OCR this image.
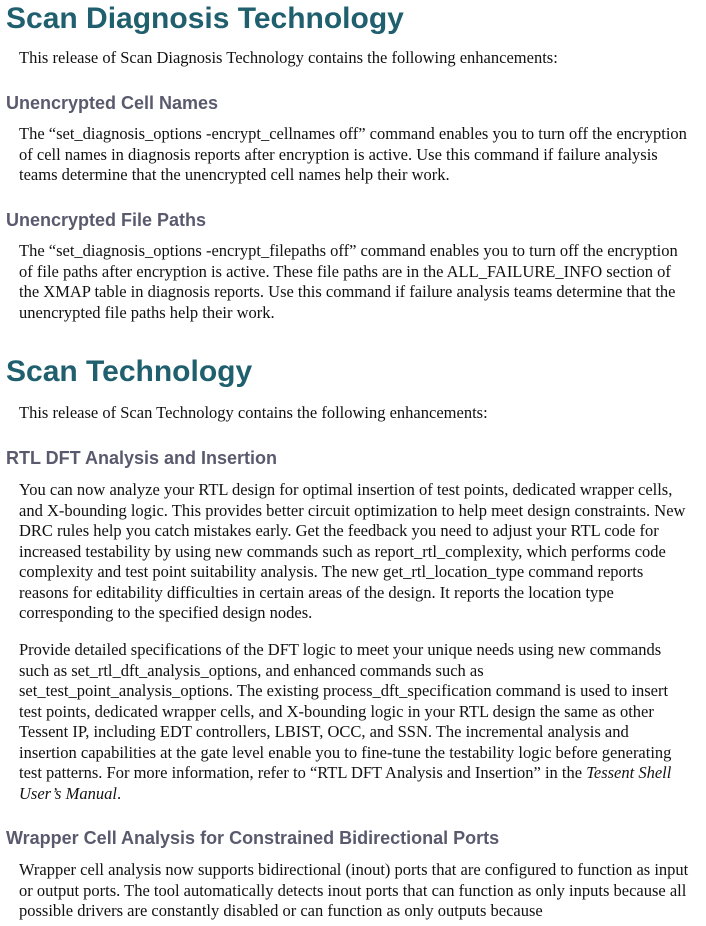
Scan Diagnosis Technology

This release of Scan Diagnosis Technology contains the following enhancements:

Unencrypted Cell Names

The “set_diagnosis_options -encrypt_cellnames off” command enables you to turn off the encryption of cell names in diagnosis reports after encryption is active. Use this command if failure analysis teams determine that the unencrypted cell names help their work.

Unencrypted File Paths

The “set_diagnosis_options -encrypt_filepaths off” command enables you to turn off the encryption of file paths after encryption is active. These file paths are in the ALL_FAILURE_INFO section of the XMAP table in diagnosis reports. Use this command if failure analysis teams determine that the unencrypted file paths help their work.

Scan Technology

This release of Scan Technology contains the following enhancements:

RTL DFT Analysis and Insertion

You can now analyze your RTL design for optimal insertion of test points, dedicated wrapper cells, and X-bounding logic. This provides better circuit optimization to help meet design constraints. New DRC rules help you catch mistakes early. Get the feedback you need to adjust your RTL code for increased testability by using new commands such as report_rtl_complexity, which performs code complexity and test point suitability analysis. The new get_rtl_location_type command reports reasons for editability difficulties in certain areas of the design. It reports the location type corresponding to the specified design nodes.

Provide detailed specifications of the DFT logic to meet your unique needs using new commands such as set_rtl_dft_analysis_options, and enhanced commands such as set_test_point_analysis_options. The existing process_dft_specification command is used to insert test points, dedicated wrapper cells, and X-bounding logic in your RTL design the same as other Tessent IP, including EDT controllers, LBIST, OCC, and SSN. The incremental analysis and insertion capabilities at the gate level enable you to fine-tune the testability logic before generating test patterns. For more information, refer to “RTL DFT Analysis and Insertion” in the Tessent Shell User’s Manual.

Wrapper Cell Analysis for Constrained Bidirectional Ports

Wrapper cell analysis now supports bidirectional (inout) ports that are configured to function as input or output ports. The tool automatically detects inout ports that can function as only inputs because all possible drivers are constantly disabled or can function as only outputs because
